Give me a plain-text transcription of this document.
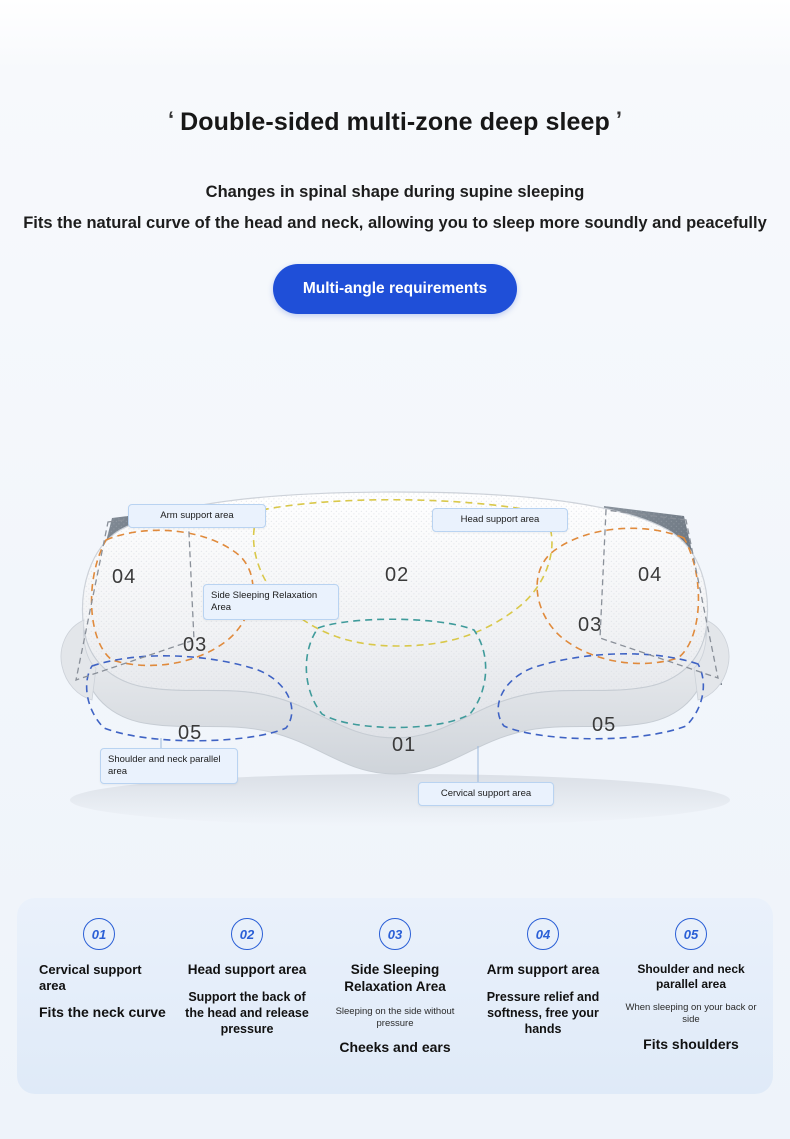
‘ Double-sided multi-zone deep sleep ’
Changes in spinal shape during supine sleeping
Fits the natural curve of the head and neck, allowing you to sleep more soundly and peacefully
Multi-angle requirements
04	04
02
03
03
05	05
01
Arm support area	Head support area
Side Sleeping Relaxation Area
Shoulder and neck parallel area
Cervical support area
01
Cervical support area
Fits the neck curve
02
Head support area
Support the back of the head and release pressure
03
Side Sleeping Relaxation Area
Sleeping on the side without pressure
Cheeks and ears
04
Arm support area
Pressure relief and softness, free your hands
05
Shoulder and neck parallel area
When sleeping on your back or side
Fits shoulders
